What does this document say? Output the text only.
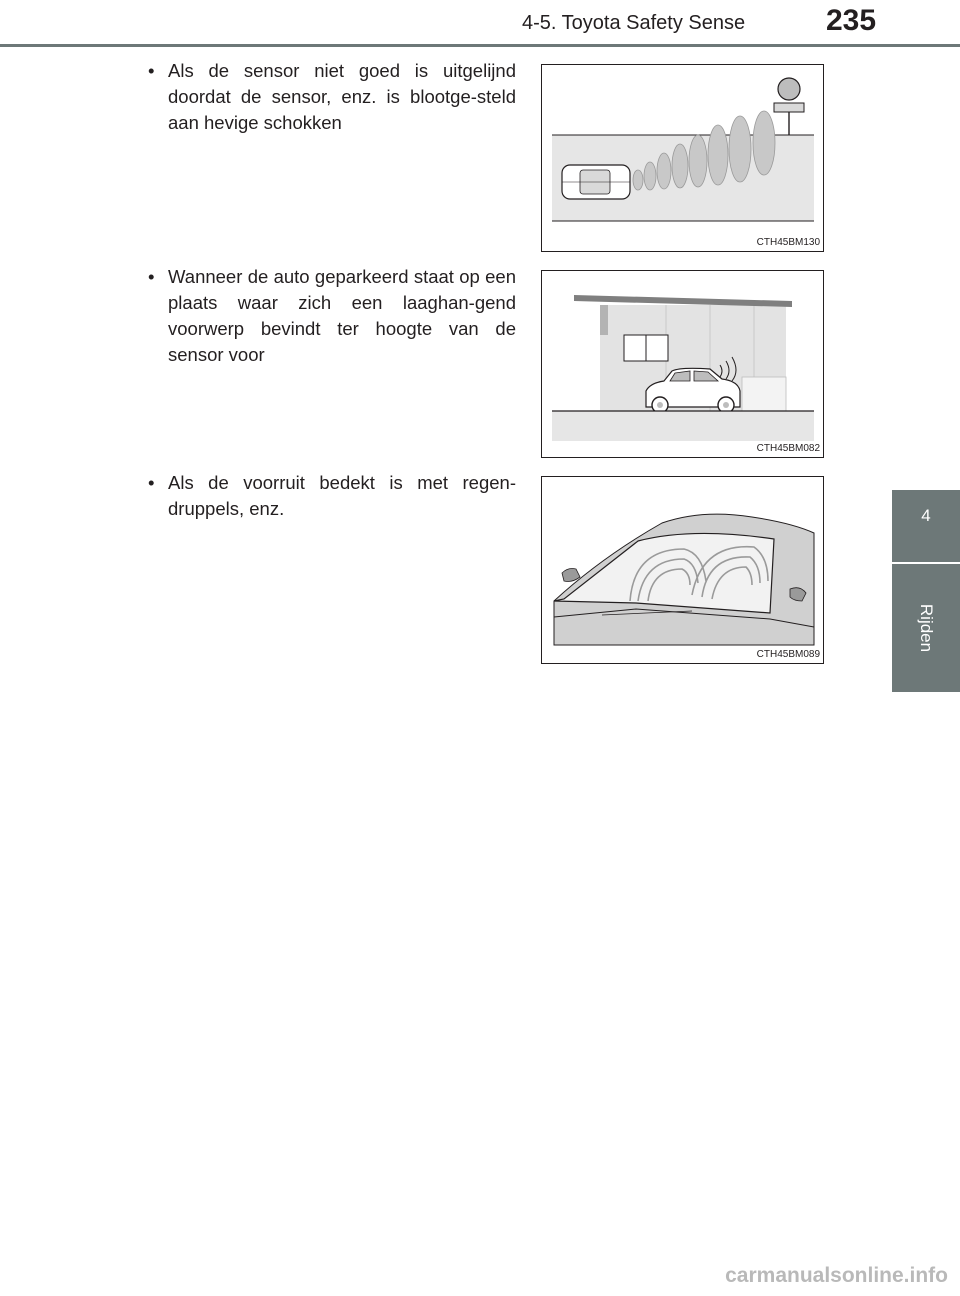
4-5. Toyota Safety Sense	235
4
Rijden
• Als de sensor niet goed is uitgelijnd doordat de sensor, enz. is blootge-steld aan hevige schokken
CTH45BM130
• Wanneer de auto geparkeerd staat op een plaats waar zich een laaghan-gend voorwerp bevindt ter hoogte van de sensor voor
CTH45BM082
• Als de voorruit bedekt is met regen-druppels, enz.
CTH45BM089
carmanualsonline.info
